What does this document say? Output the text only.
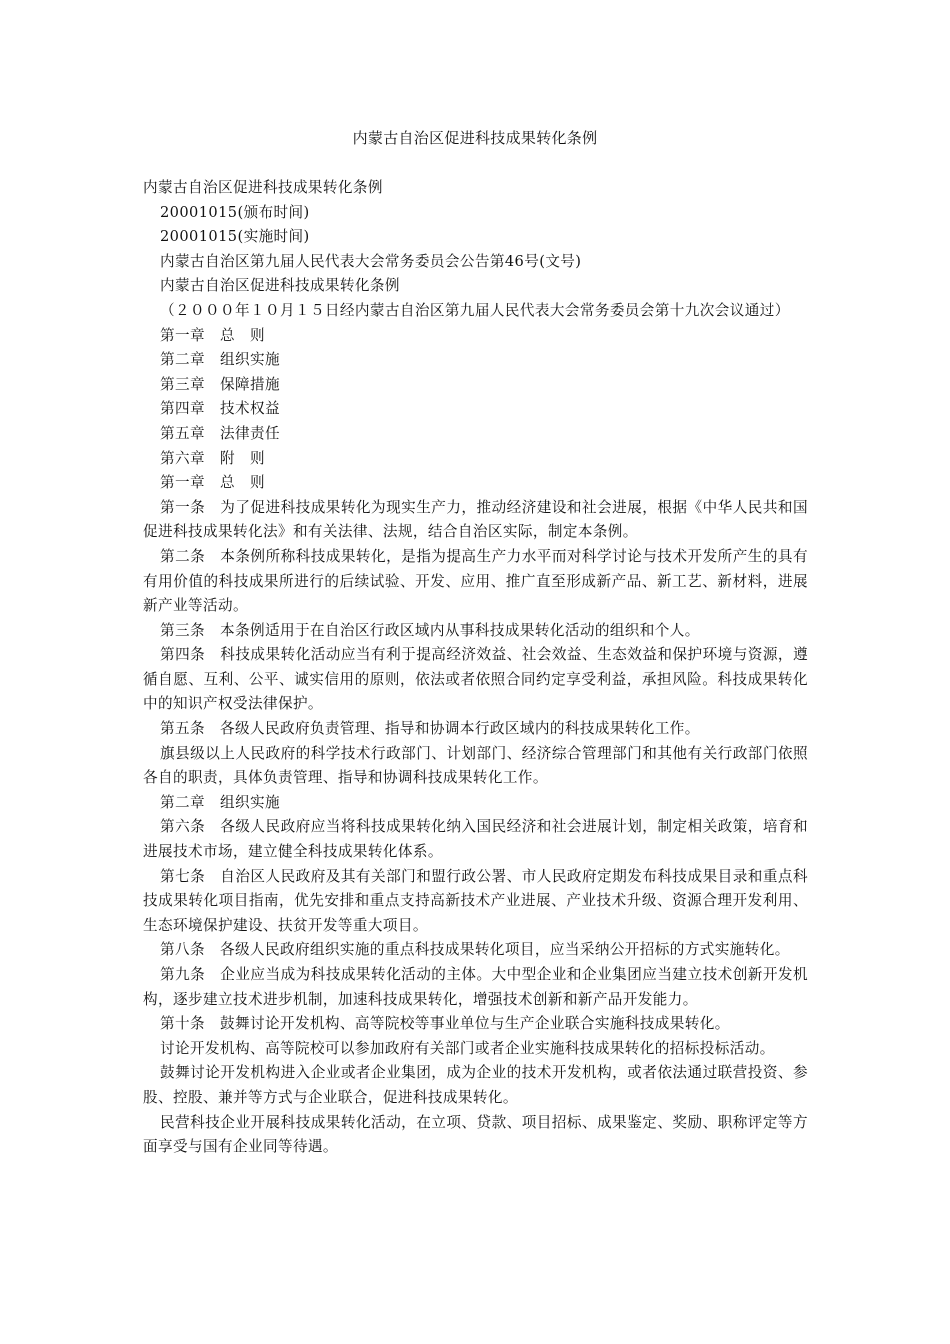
内蒙古自治区促进科技成果转化条例

内蒙古自治区促进科技成果转化条例

20001015(颁布时间)

20001015(实施时间)

内蒙古自治区第九届人民代表大会常务委员会公告第46号(文号)

内蒙古自治区促进科技成果转化条例

（２０００年１０月１５日经内蒙古自治区第九届人民代表大会常务委员会第十九次会议通过）

第一章　总　则

第二章　组织实施

第三章　保障措施

第四章　技术权益

第五章　法律责任

第六章　附　则

第一章　总　则

第一条　为了促进科技成果转化为现实生产力，推动经济建设和社会进展，根据《中华人民共和国促进科技成果转化法》和有关法律、法规，结合自治区实际，制定本条例。

第二条　本条例所称科技成果转化，是指为提高生产力水平而对科学讨论与技术开发所产生的具有有用价值的科技成果所进行的后续试验、开发、应用、推广直至形成新产品、新工艺、新材料，进展新产业等活动。

第三条　本条例适用于在自治区行政区域内从事科技成果转化活动的组织和个人。

第四条　科技成果转化活动应当有利于提高经济效益、社会效益、生态效益和保护环境与资源，遵循自愿、互利、公平、诚实信用的原则，依法或者依照合同约定享受利益，承担风险。科技成果转化中的知识产权受法律保护。

第五条　各级人民政府负责管理、指导和协调本行政区域内的科技成果转化工作。

旗县级以上人民政府的科学技术行政部门、计划部门、经济综合管理部门和其他有关行政部门依照各自的职责，具体负责管理、指导和协调科技成果转化工作。

第二章　组织实施

第六条　各级人民政府应当将科技成果转化纳入国民经济和社会进展计划，制定相关政策，培育和进展技术市场，建立健全科技成果转化体系。

第七条　自治区人民政府及其有关部门和盟行政公署、市人民政府定期发布科技成果目录和重点科技成果转化项目指南，优先安排和重点支持高新技术产业进展、产业技术升级、资源合理开发利用、生态环境保护建设、扶贫开发等重大项目。

第八条　各级人民政府组织实施的重点科技成果转化项目，应当采纳公开招标的方式实施转化。

第九条　企业应当成为科技成果转化活动的主体。大中型企业和企业集团应当建立技术创新开发机构，逐步建立技术进步机制，加速科技成果转化，增强技术创新和新产品开发能力。

第十条　鼓舞讨论开发机构、高等院校等事业单位与生产企业联合实施科技成果转化。

讨论开发机构、高等院校可以参加政府有关部门或者企业实施科技成果转化的招标投标活动。

鼓舞讨论开发机构进入企业或者企业集团，成为企业的技术开发机构，或者依法通过联营投资、参股、控股、兼并等方式与企业联合，促进科技成果转化。

民营科技企业开展科技成果转化活动，在立项、贷款、项目招标、成果鉴定、奖励、职称评定等方面享受与国有企业同等待遇。
